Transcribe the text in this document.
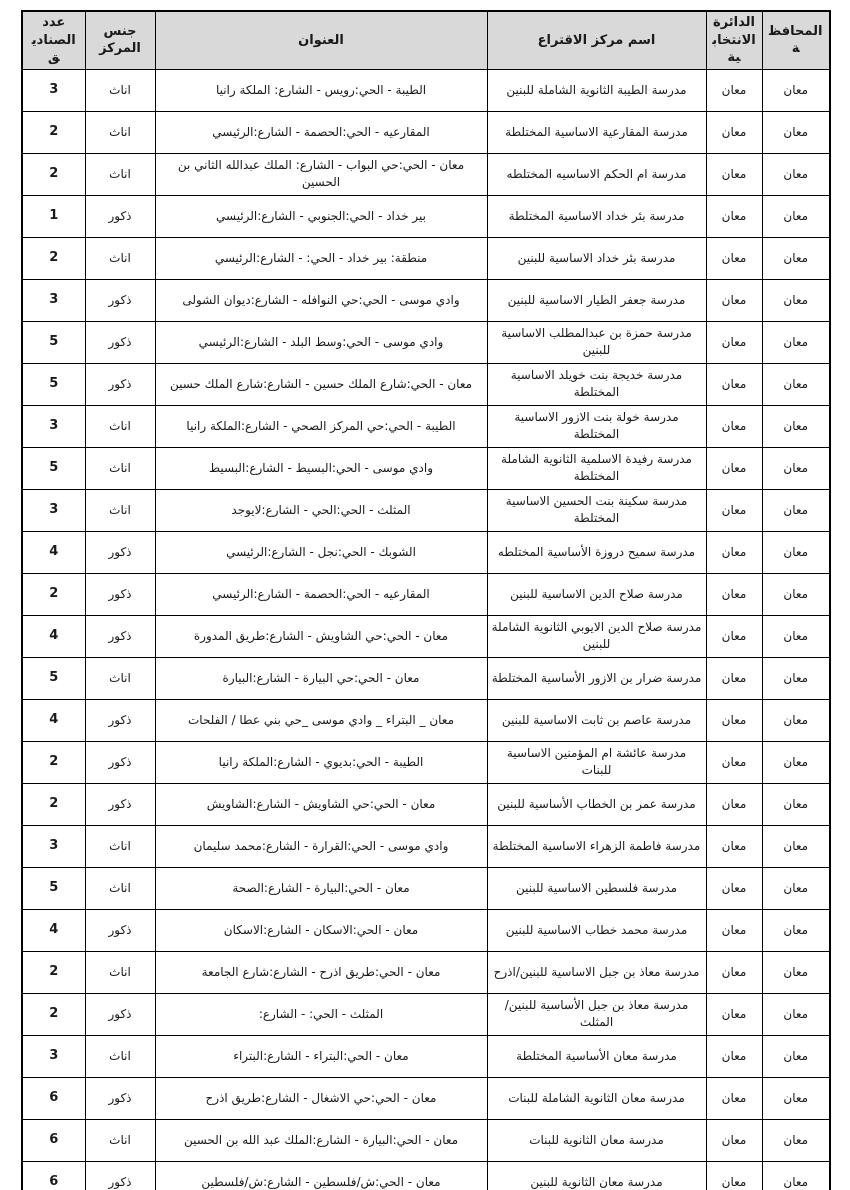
المحافظة	الدائرة الانتخابية	اسم مركز الاقتراع	العنوان	جنس المركز	عدد الصناديق
معان	معان	مدرسة الطيبة الثانوية الشاملة للبنين	الطيبة - الحي:رويس - الشارع: الملكة رانيا	اناث	3
معان	معان	مدرسة المقارعية الاساسية المختلطة	المقارعيه - الحي:الحصمة - الشارع:الرئيسي	اناث	2
معان	معان	مدرسة ام الحكم الاساسيه المختلطه	معان - الحي:حي البواب - الشارع: الملك عبدالله الثاني بن الحسين	اناث	2
معان	معان	مدرسة بئر خداد الاساسية المختلطة	بير خداد - الحي:الجنوبي - الشارع:الرئيسي	ذكور	1
معان	معان	مدرسة بئر خداد الاساسية للبنين	منطقة: بير خداد - الحي: - الشارع:الرئيسي	اناث	2
معان	معان	مدرسة جعفر الطيار الاساسية للبنين	وادي موسى - الحي:حي النوافله - الشارع:ديوان الشولى	ذكور	3
معان	معان	مدرسة حمزة بن عبدالمطلب الاساسية للبنين	وادي موسى - الحي:وسط البلد - الشارع:الرئيسي	ذكور	5
معان	معان	مدرسة خديجة بنت خويلد الاساسية المختلطة	معان - الحي:شارع الملك حسين - الشارع:شارع الملك حسين	ذكور	5
معان	معان	مدرسة خولة بنت الازور الاساسية المختلطة	الطيبة - الحي:حي المركز الصحي - الشارع:الملكة رانيا	اناث	3
معان	معان	مدرسة رفيدة الاسلمية الثانوية الشاملة المختلطة	وادي موسى - الحي:البسيط - الشارع:البسيط	اناث	5
معان	معان	مدرسة سكينة بنت الحسين الاساسية المختلطة	المثلث - الحي:الحي - الشارع:لايوجد	اناث	3
معان	معان	مدرسة سميح دروزة الأساسية المختلطه	الشوبك - الحي:نجل - الشارع:الرئيسي	ذكور	4
معان	معان	مدرسة صلاح الدين الاساسية للبنين	المقارعيه - الحي:الحصمة - الشارع:الرئيسي	ذكور	2
معان	معان	مدرسة صلاح الدين الايوبي الثانوية الشاملة للبنين	معان - الحي:حي الشاويش - الشارع:طريق المدورة	ذكور	4
معان	معان	مدرسة ضرار بن الازور الأساسية المختلطة	معان - الحي:حي البيارة - الشارع:البيارة	اناث	5
معان	معان	مدرسة عاصم بن ثابت الاساسية للبنين	معان _ البتراء _ وادي موسى _حي بني عطا / الفلحات	ذكور	4
معان	معان	مدرسة عائشة ام المؤمنين الاساسية للبنات	الطيبة - الحي:بديوي - الشارع:الملكة رانيا	ذكور	2
معان	معان	مدرسة عمر بن الخطاب الأساسية للبنين	معان - الحي:حي الشاويش - الشارع:الشاويش	ذكور	2
معان	معان	مدرسة فاطمة الزهراء الاساسية المختلطة	وادي موسى - الحي:القرارة - الشارع:محمد سليمان	اناث	3
معان	معان	مدرسة فلسطين الاساسية للبنين	معان - الحي:البيارة - الشارع:الصحة	اناث	5
معان	معان	مدرسة محمد خطاب الاساسية للبنين	معان - الحي:الاسكان - الشارع:الاسكان	ذكور	4
معان	معان	مدرسة معاذ بن جبل الاساسية للبنين/اذرح	معان - الحي:طريق اذرح - الشارع:شارع الجامعة	اناث	2
معان	معان	مدرسة معاذ بن جبل الأساسية للبنين/المثلث	المثلث - الحي: - الشارع:	ذكور	2
معان	معان	مدرسة معان الأساسية المختلطة	معان - الحي:البتراء - الشارع:البتراء	اناث	3
معان	معان	مدرسة معان الثانوية الشاملة للبنات	معان - الحي:حي الاشغال - الشارع:طريق اذرح	ذكور	6
معان	معان	مدرسة معان الثانوية للبنات	معان - الحي:البيارة - الشارع:الملك عبد الله بن الحسين	اناث	6
معان	معان	مدرسة معان الثانوية للبنين	معان - الحي:ش/فلسطين - الشارع:ش/فلسطين	ذكور	6
